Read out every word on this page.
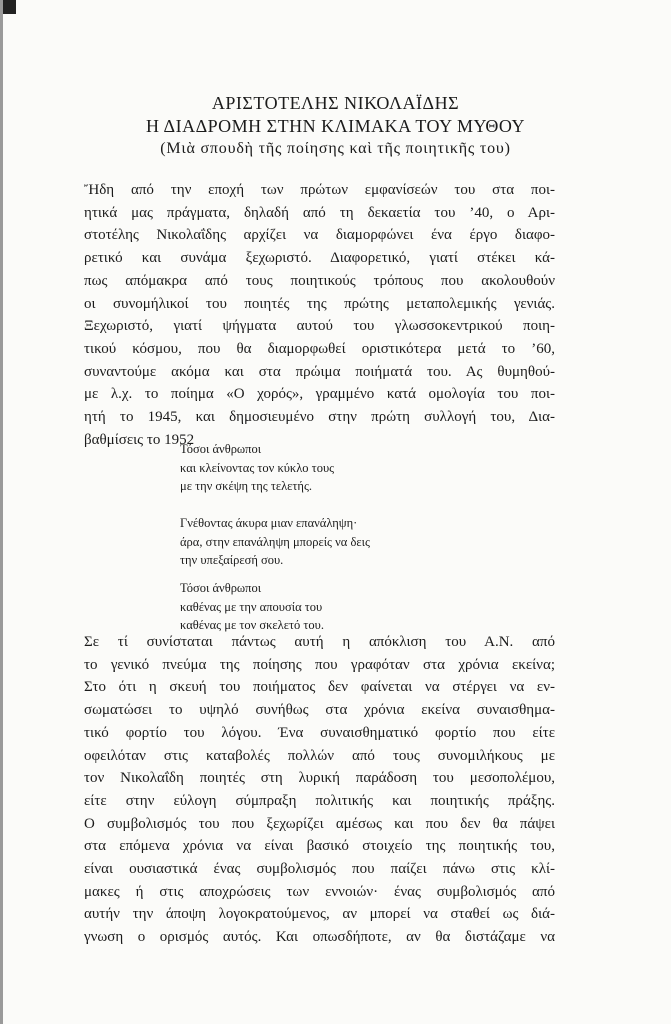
ΑΡΙΣΤΟΤΕΛΗΣ ΝΙΚΟΛΑΪΔΗΣ
Η ΔΙΑΔΡΟΜΗ ΣΤΗΝ ΚΛΙΜΑΚΑ ΤΟΥ ΜΥΘΟΥ
(Μιὰ σπουδὴ τῆς ποίησης καὶ τῆς ποιητικῆς του)
Ἤδη από την εποχή των πρώτων εμφανίσεών του στα ποι-
ητικά μας πράγματα, δηλαδή από τη δεκαετία του ’40, ο Αρι-
στοτέλης Νικολαΐδης αρχίζει να διαμορφώνει ένα έργο διαφο-
ρετικό και συνάμα ξεχωριστό. Διαφορετικό, γιατί στέκει κά-
πως απόμακρα από τους ποιητικούς τρόπους που ακολουθούν
οι συνομήλικοί του ποιητές της πρώτης μεταπολεμικής γενιάς.
Ξεχωριστό, γιατί ψήγματα αυτού του γλωσσοκεντρικού ποιη-
τικού κόσμου, που θα διαμορφωθεί οριστικότερα μετά το ’60,
συναντούμε ακόμα και στα πρώιμα ποιήματά του. Ας θυμηθού-
με λ.χ. το ποίημα «Ο χορός», γραμμένο κατά ομολογία του ποι-
ητή το 1945, και δημοσιευμένο στην πρώτη συλλογή του, Δια-
βαθμίσεις το 1952
Τόσοι άνθρωποι
και κλείνοντας τον κύκλο τους
με την σκέψη της τελετής.
Γνέθοντας άκυρα μιαν επανάληψη·
άρα, στην επανάληψη μπορείς να δεις
την υπεξαίρεσή σου.
Τόσοι άνθρωποι
καθένας με την απουσία του
καθένας με τον σκελετό του.
Σε τί συνίσταται πάντως αυτή η απόκλιση του Α.Ν. από
το γενικό πνεύμα της ποίησης που γραφόταν στα χρόνια εκείνα;
Στο ότι η σκευή του ποιήματος δεν φαίνεται να στέργει να εν-
σωματώσει το υψηλό συνήθως στα χρόνια εκείνα συναισθημα-
τικό φορτίο του λόγου. Ένα συναισθηματικό φορτίο που είτε
οφειλόταν στις καταβολές πολλών από τους συνομιλήκους με
τον Νικολαΐδη ποιητές στη λυρική παράδοση του μεσοπολέμου,
είτε στην εύλογη σύμπραξη πολιτικής και ποιητικής πράξης.
Ο συμβολισμός του που ξεχωρίζει αμέσως και που δεν θα πάψει
στα επόμενα χρόνια να είναι βασικό στοιχείο της ποιητικής του,
είναι ουσιαστικά ένας συμβολισμός που παίζει πάνω στις κλί-
μακες ή στις αποχρώσεις των εννοιών· ένας συμβολισμός από
αυτήν την άποψη λογοκρατούμενος, αν μπορεί να σταθεί ως διά-
γνωση ο ορισμός αυτός. Και οπωσδήποτε, αν θα διστάζαμε να
